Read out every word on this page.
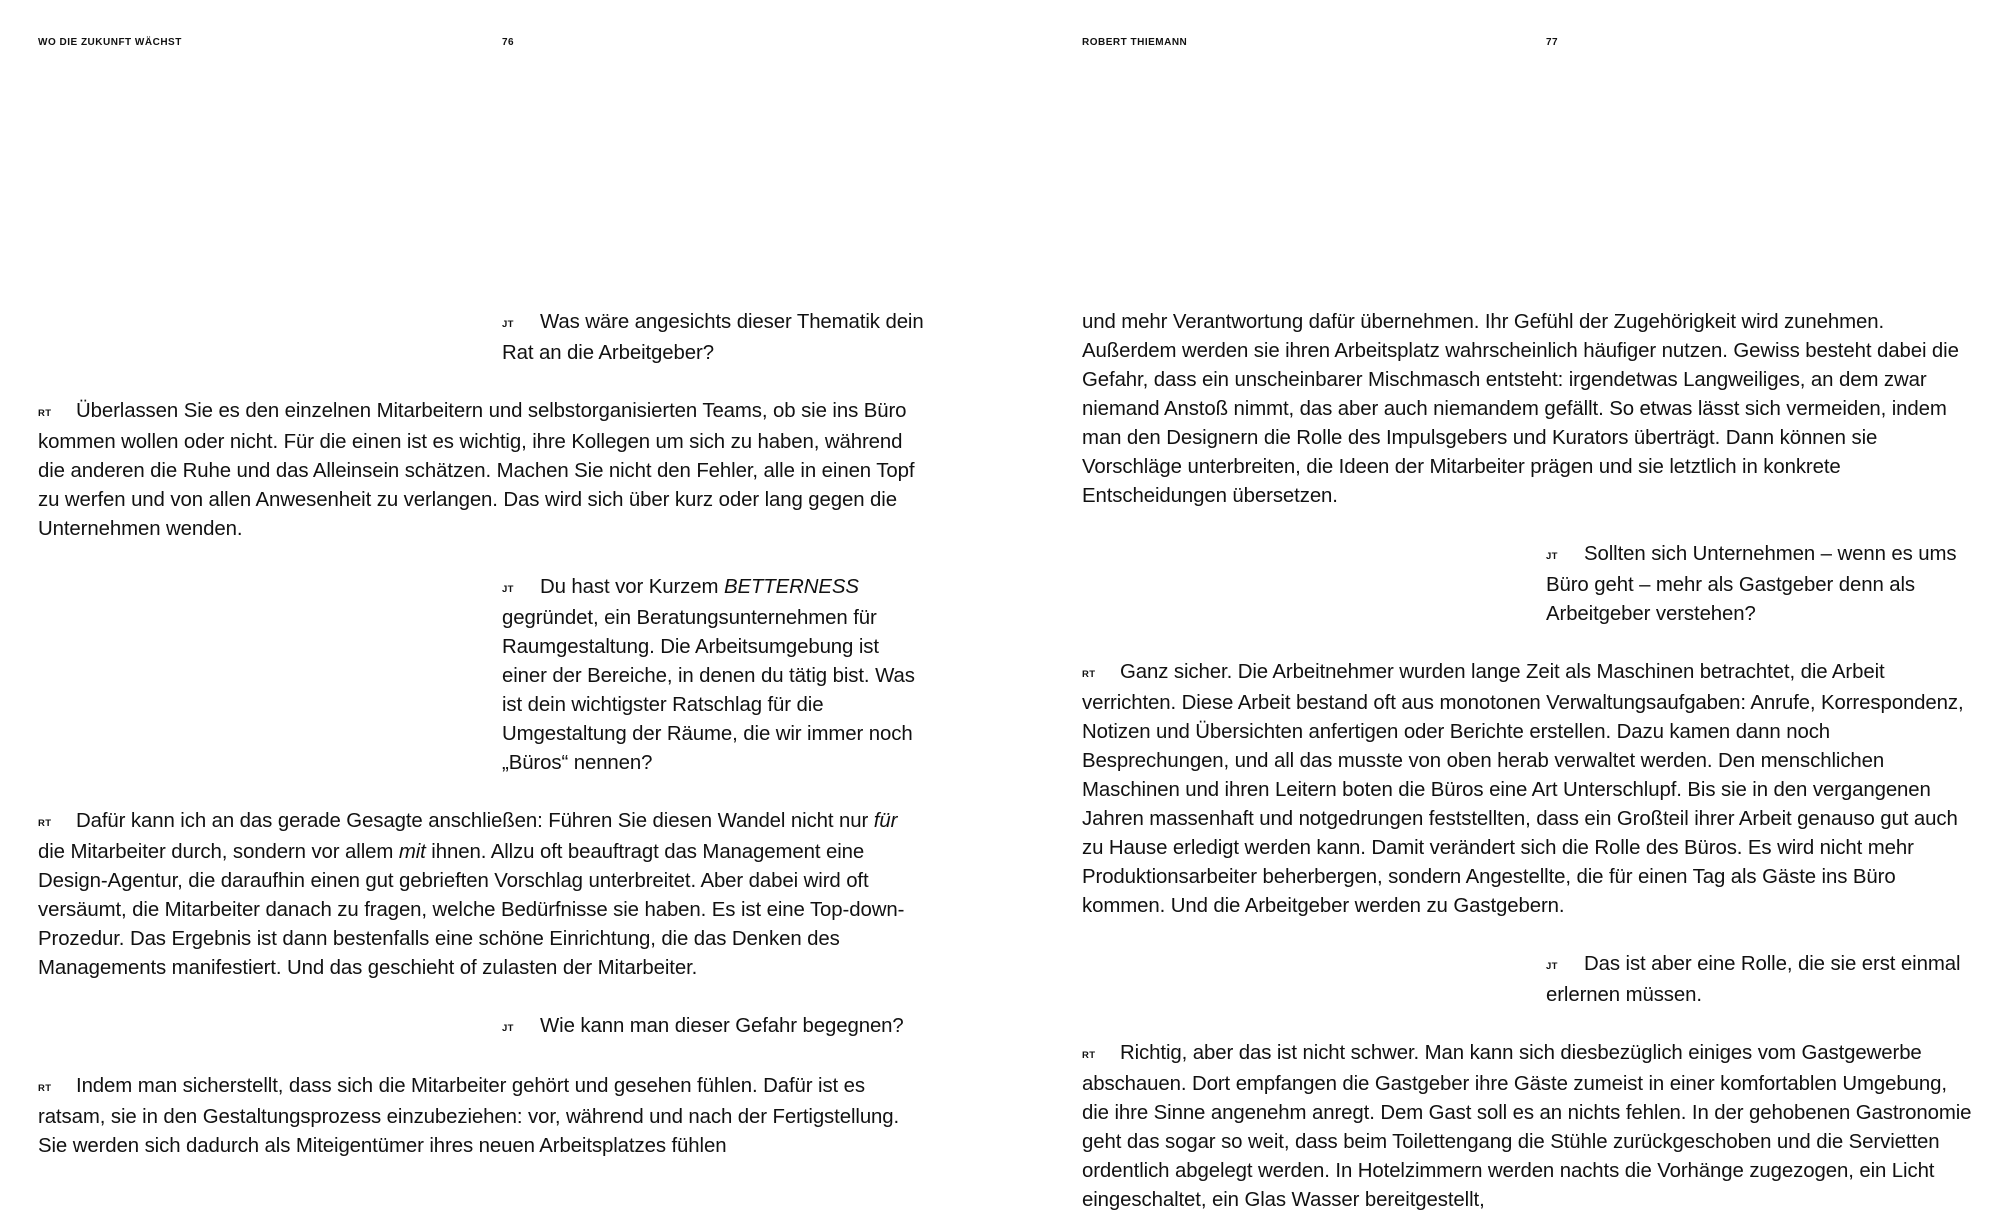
WO DIE ZUKUNFT WÄCHST	76	ROBERT THIEMANN	77

JT Was wäre angesichts dieser Thematik dein Rat an die Arbeitgeber?

RT Überlassen Sie es den einzelnen Mitarbeitern und selbstorganisierten Teams, ob sie ins Büro kommen wollen oder nicht. Für die einen ist es wichtig, ihre Kollegen um sich zu haben, während die anderen die Ruhe und das Alleinsein schätzen. Machen Sie nicht den Fehler, alle in einen Topf zu werfen und von allen Anwesenheit zu verlangen. Das wird sich über kurz oder lang gegen die Unternehmen wenden.

JT Du hast vor Kurzem BETTERNESS gegründet, ein Beratungsunternehmen für Raumgestaltung. Die Arbeitsumgebung ist einer der Bereiche, in denen du tätig bist. Was ist dein wichtigster Ratschlag für die Umgestaltung der Räume, die wir immer noch „Büros“ nennen?

RT Dafür kann ich an das gerade Gesagte anschließen: Führen Sie diesen Wandel nicht nur für die Mitarbeiter durch, sondern vor allem mit ihnen. Allzu oft beauftragt das Management eine Design-Agentur, die daraufhin einen gut gebrieften Vorschlag unterbreitet. Aber dabei wird oft versäumt, die Mitarbeiter danach zu fragen, welche Bedürfnisse sie haben. Es ist eine Top-down-Prozedur. Das Ergebnis ist dann bestenfalls eine schöne Einrichtung, die das Denken des Managements manifestiert. Und das geschieht of zulasten der Mitarbeiter.

JT Wie kann man dieser Gefahr begegnen?

RT Indem man sicherstellt, dass sich die Mitarbeiter gehört und gesehen fühlen. Dafür ist es ratsam, sie in den Gestaltungsprozess einzubeziehen: vor, während und nach der Fertigstellung. Sie werden sich dadurch als Miteigentümer ihres neuen Arbeitsplatzes fühlen

und mehr Verantwortung dafür übernehmen. Ihr Gefühl der Zugehörigkeit wird zunehmen. Außerdem werden sie ihren Arbeitsplatz wahrscheinlich häufiger nutzen. Gewiss besteht dabei die Gefahr, dass ein unscheinbarer Mischmasch entsteht: irgendetwas Langweiliges, an dem zwar niemand Anstoß nimmt, das aber auch niemandem gefällt. So etwas lässt sich vermeiden, indem man den Designern die Rolle des Impulsgebers und Kurators überträgt. Dann können sie Vorschläge unterbreiten, die Ideen der Mitarbeiter prägen und sie letztlich in konkrete Entscheidungen übersetzen.

JT Sollten sich Unternehmen – wenn es ums Büro geht – mehr als Gastgeber denn als Arbeitgeber verstehen?

RT Ganz sicher. Die Arbeitnehmer wurden lange Zeit als Maschinen betrachtet, die Arbeit verrichten. Diese Arbeit bestand oft aus monotonen Verwaltungsaufgaben: Anrufe, Korrespondenz, Notizen und Übersichten anfertigen oder Berichte erstellen. Dazu kamen dann noch Besprechungen, und all das musste von oben herab verwaltet werden. Den menschlichen Maschinen und ihren Leitern boten die Büros eine Art Unterschlupf. Bis sie in den vergangenen Jahren massenhaft und notgedrungen feststellten, dass ein Großteil ihrer Arbeit genauso gut auch zu Hause erledigt werden kann. Damit verändert sich die Rolle des Büros. Es wird nicht mehr Produktionsarbeiter beherbergen, sondern Angestellte, die für einen Tag als Gäste ins Büro kommen. Und die Arbeitgeber werden zu Gastgebern.

JT Das ist aber eine Rolle, die sie erst einmal erlernen müssen.

RT Richtig, aber das ist nicht schwer. Man kann sich diesbezüglich einiges vom Gastgewerbe abschauen. Dort empfangen die Gastgeber ihre Gäste zumeist in einer komfortablen Umgebung, die ihre Sinne angenehm anregt. Dem Gast soll es an nichts fehlen. In der gehobenen Gastronomie geht das sogar so weit, dass beim Toilettengang die Stühle zurückgeschoben und die Servietten ordentlich abgelegt werden. In Hotelzimmern werden nachts die Vorhänge zugezogen, ein Licht eingeschaltet, ein Glas Wasser bereitgestellt,
